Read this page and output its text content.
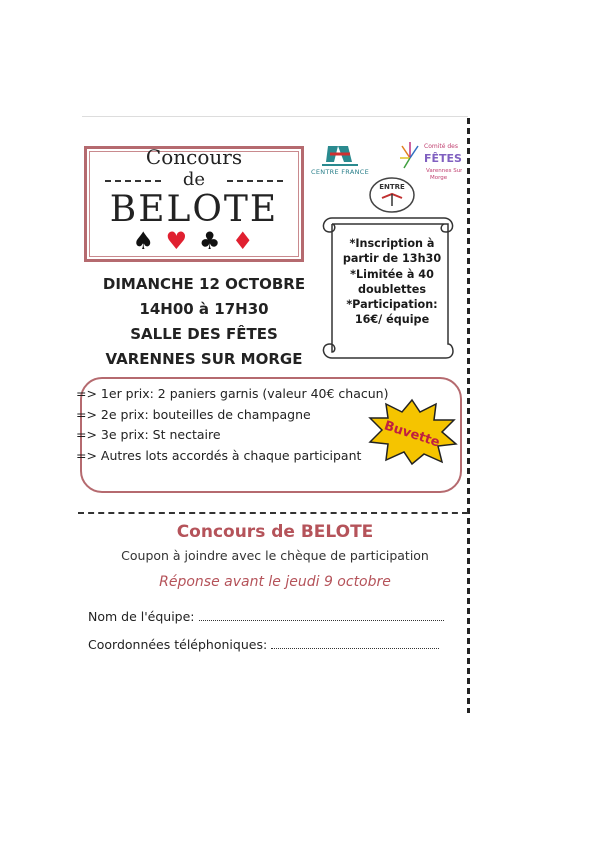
Concours
de
BELOTE
♠ ♥ ♣ ♦
CENTRE FRANCE
Comité des
FÊTES
Varennes Sur
Morge
ENTRE
*Inscription à
partir de 13h30
*Limitée à 40
doublettes
*Participation:
16€/ équipe
DIMANCHE 12 OCTOBRE
14H00 à 17H30
SALLE DES FÊTES
VARENNES SUR MORGE
=> 1er prix: 2 paniers garnis (valeur 40€ chacun)
=> 2e prix: bouteilles de champagne
=> 3e prix: St nectaire
=> Autres lots accordés à chaque participant
Buvette
Concours de BELOTE
Coupon à joindre avec le chèque de participation
Réponse avant le jeudi 9 octobre
Nom de l'équipe:
Coordonnées téléphoniques:
